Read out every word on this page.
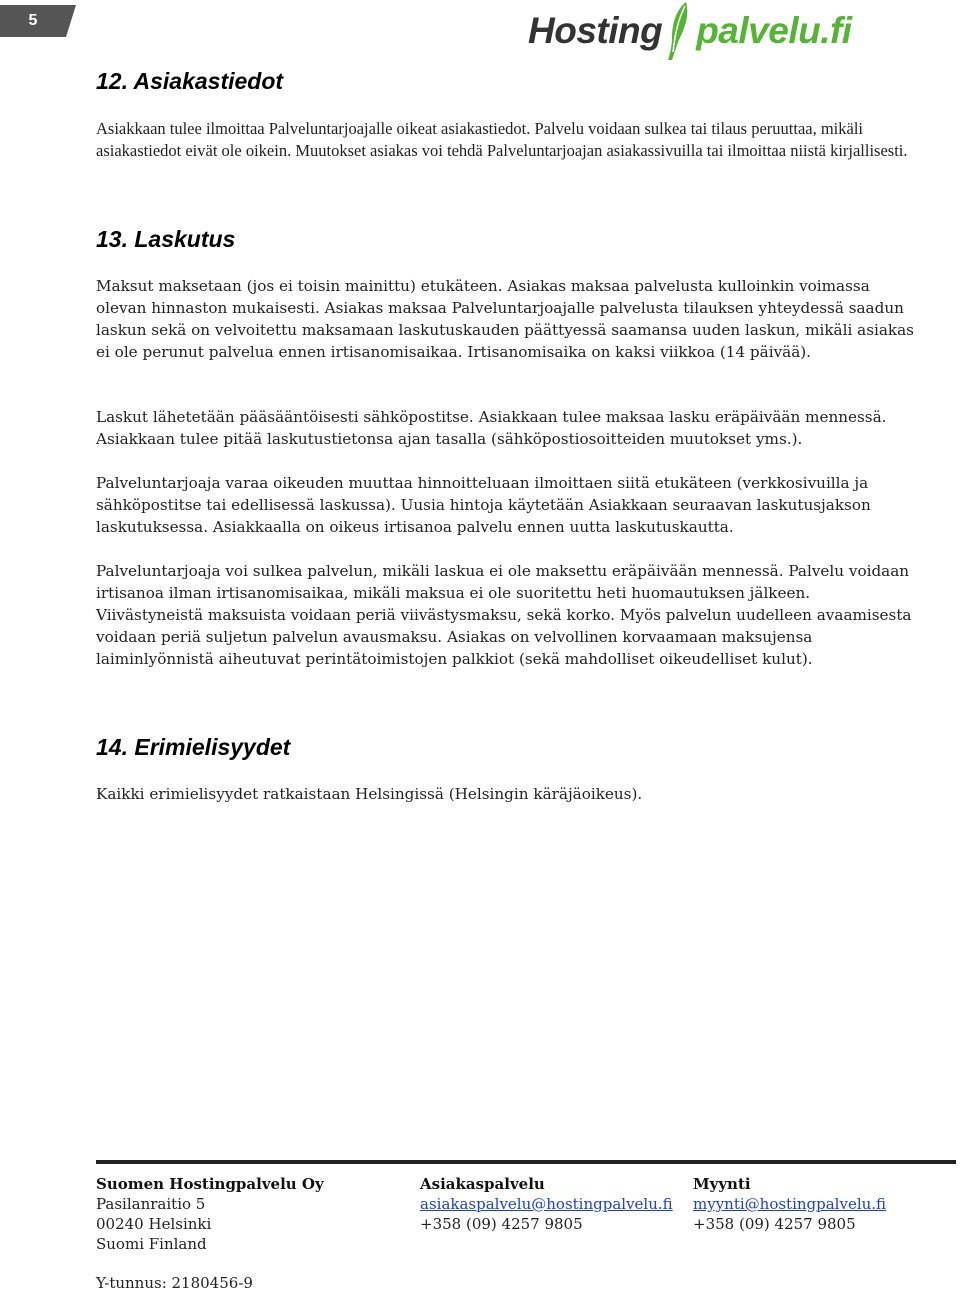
5	Hosting palvelu.fi
12. Asiakastiedot

Asiakkaan tulee ilmoittaa Palveluntarjoajalle oikeat asiakastiedot. Palvelu voidaan sulkea tai tilaus peruuttaa, mikäli asiakastiedot eivät ole oikein. Muutokset asiakas voi tehdä Palveluntarjoajan asiakassivuilla tai ilmoittaa niistä kirjallisesti.

13. Laskutus

Maksut maksetaan (jos ei toisin mainittu) etukäteen. Asiakas maksaa palvelusta kulloinkin voimassa olevan hinnaston mukaisesti. Asiakas maksaa Palveluntarjoajalle palvelusta tilauksen yhteydessä saadun laskun sekä on velvoitettu maksamaan laskutuskauden päättyessä saamansa uuden laskun, mikäli asiakas ei ole perunut palvelua ennen irtisanomisaikaa. Irtisanomisaika on kaksi viikkoa (14 päivää).

Laskut lähetetään pääsääntöisesti sähköpostitse. Asiakkaan tulee maksaa lasku eräpäivään mennessä. Asiakkaan tulee pitää laskutustietonsa ajan tasalla (sähköpostiosoitteiden muutokset yms.).

Palveluntarjoaja varaa oikeuden muuttaa hinnoitteluaan ilmoittaen siitä etukäteen (verkkosivuilla ja sähköpostitse tai edellisessä laskussa). Uusia hintoja käytetään Asiakkaan seuraavan laskutusjakson laskutuksessa. Asiakkaalla on oikeus irtisanoa palvelu ennen uutta laskutuskautta.

Palveluntarjoaja voi sulkea palvelun, mikäli laskua ei ole maksettu eräpäivään mennessä. Palvelu voidaan irtisanoa ilman irtisanomisaikaa, mikäli maksua ei ole suoritettu heti huomautuksen jälkeen. Viivästyneistä maksuista voidaan periä viivästysmaksu, sekä korko. Myös palvelun uudelleen avaamisesta voidaan periä suljetun palvelun avausmaksu. Asiakas on velvollinen korvaamaan maksujensa laiminlyönnistä aiheutuvat perintätoimistojen palkkiot (sekä mahdolliset oikeudelliset kulut).

14. Erimielisyydet

Kaikki erimielisyydet ratkaistaan Helsingissä (Helsingin käräjäoikeus).

Suomen Hostingpalvelu Oy
Pasilanraitio 5
00240 Helsinki
Suomi Finland
Asiakaspalvelu
asiakaspalvelu@hostingpalvelu.fi
+358 (09) 4257 9805
Myynti
myynti@hostingpalvelu.fi
+358 (09) 4257 9805
Y-tunnus: 2180456-9
